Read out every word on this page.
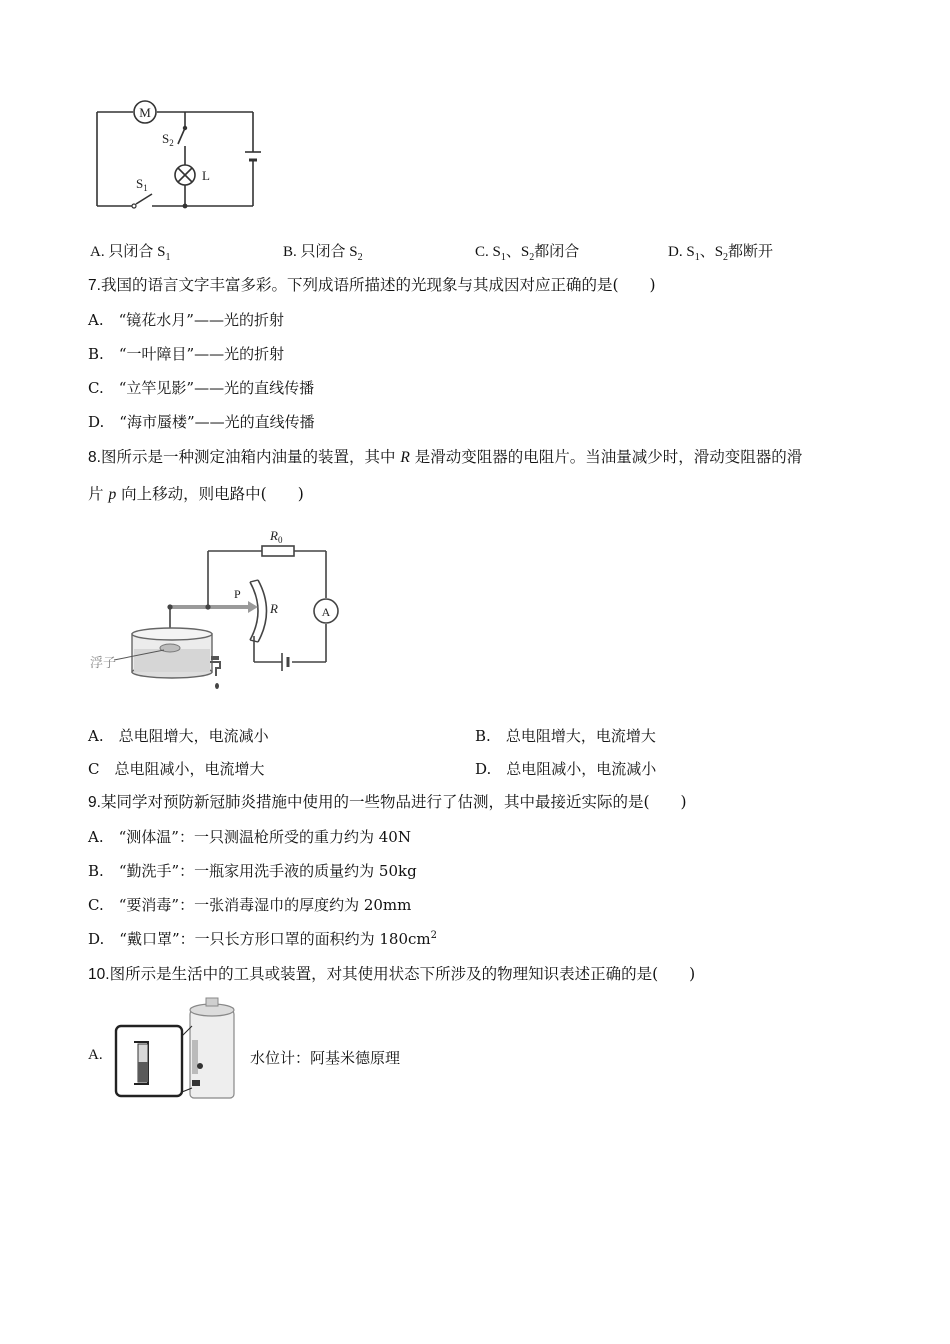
M
L
$S_2$
$S_1$
A. 只闭合 $S_1$	B. 只闭合 $S_2$	C. $S_1$、$S_2$都闭合	D. $S_1$、$S_2$都断开
7.我国的语言文字丰富多彩。下列成语所描述的光现象与其成因对应正确的是(　　)
A.　 “镜花水月”——光的折射
B.　 “一叶障目”——光的折射
C.　 “立竿见影”——光的直线传播
D.　 “海市蜃楼”——光的直线传播
8.图所示是一种测定油箱内油量的装置，其中 R 是滑动变阻器的电阻片。当油量减少时，滑动变阻器的滑
片 p 向上移动，则电路中(　　)
$R_0$
A
R
P
浮子
A.　 总电阻增大，电流减小	B.　 总电阻增大，电流增大
C　 总电阻减小，电流增大	D.　 总电阻减小，电流减小
9.某同学对预防新冠肺炎措施中使用的一些物品进行了估测，其中最接近实际的是(　　)
A.　 “测体温”：一只测温枪所受的重力约为 40N
B.　 “勤洗手”：一瓶家用洗手液的质量约为 50kg
C.　 “要消毒”：一张消毒湿巾的厚度约为 20mm
D.　 “戴口罩”：一只长方形口罩的面积约为 $180cm^2$
10.图所示是生活中的工具或装置，对其使用状态下所涉及的物理知识表述正确的是(　　)
A.	水位计：阿基米德原理
